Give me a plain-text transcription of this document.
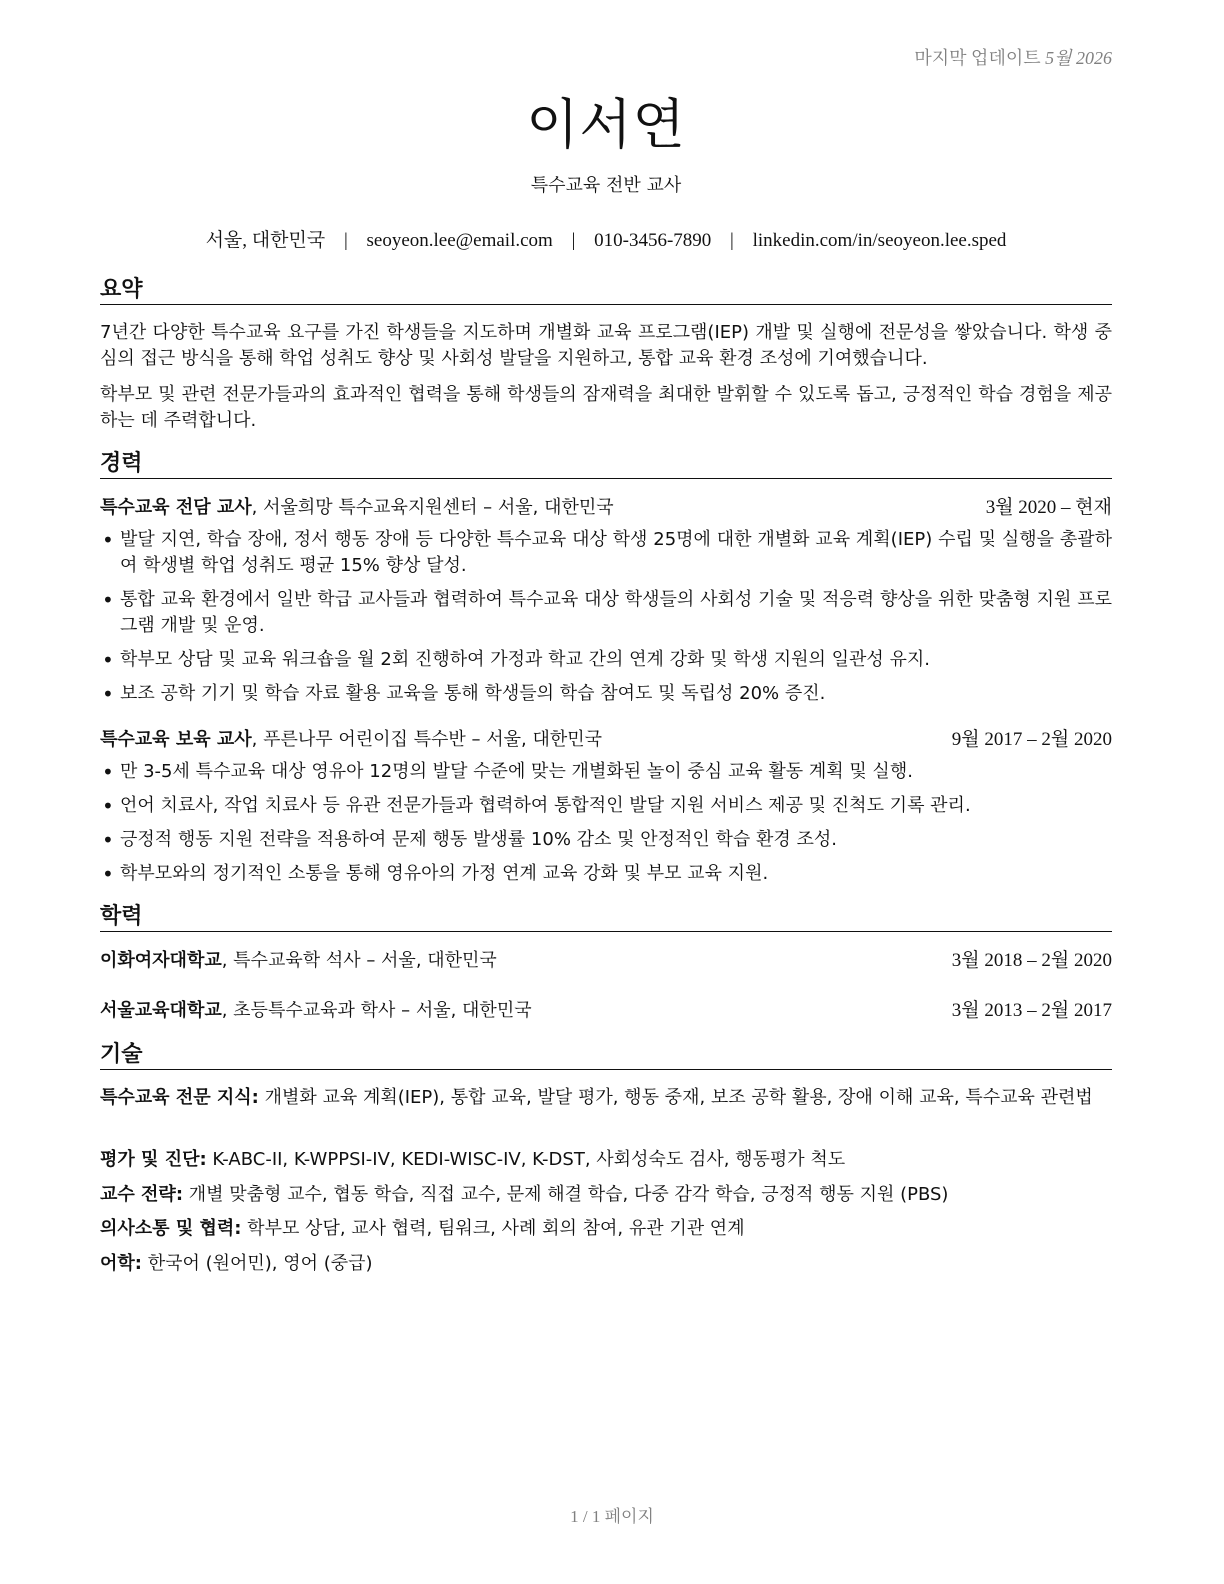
마지막 업데이트 5월 2026
이서연
특수교육 전반 교사
서울, 대한민국 | seoyeon.lee@email.com | 010-3456-7890 | linkedin.com/in/seoyeon.lee.sped
요약
7년간 다양한 특수교육 요구를 가진 학생들을 지도하며 개별화 교육 프로그램(IEP) 개발 및 실행에 전문성을 쌓았습니다. 학생 중심의 접근 방식을 통해 학업 성취도 향상 및 사회성 발달을 지원하고, 통합 교육 환경 조성에 기여했습니다.
학부모 및 관련 전문가들과의 효과적인 협력을 통해 학생들의 잠재력을 최대한 발휘할 수 있도록 돕고, 긍정적인 학습 경험을 제공하는 데 주력합니다.
경력
특수교육 전담 교사, 서울희망 특수교육지원센터 – 서울, 대한민국	3월 2020 – 현재
• 발달 지연, 학습 장애, 정서 행동 장애 등 다양한 특수교육 대상 학생 25명에 대한 개별화 교육 계획(IEP) 수립 및 실행을 총괄하여 학생별 학업 성취도 평균 15% 향상 달성.
• 통합 교육 환경에서 일반 학급 교사들과 협력하여 특수교육 대상 학생들의 사회성 기술 및 적응력 향상을 위한 맞춤형 지원 프로그램 개발 및 운영.
• 학부모 상담 및 교육 워크숍을 월 2회 진행하여 가정과 학교 간의 연계 강화 및 학생 지원의 일관성 유지.
• 보조 공학 기기 및 학습 자료 활용 교육을 통해 학생들의 학습 참여도 및 독립성 20% 증진.
특수교육 보육 교사, 푸른나무 어린이집 특수반 – 서울, 대한민국	9월 2017 – 2월 2020
• 만 3-5세 특수교육 대상 영유아 12명의 발달 수준에 맞는 개별화된 놀이 중심 교육 활동 계획 및 실행.
• 언어 치료사, 작업 치료사 등 유관 전문가들과 협력하여 통합적인 발달 지원 서비스 제공 및 진척도 기록 관리.
• 긍정적 행동 지원 전략을 적용하여 문제 행동 발생률 10% 감소 및 안정적인 학습 환경 조성.
• 학부모와의 정기적인 소통을 통해 영유아의 가정 연계 교육 강화 및 부모 교육 지원.
학력
이화여자대학교, 특수교육학 석사 – 서울, 대한민국	3월 2018 – 2월 2020
서울교육대학교, 초등특수교육과 학사 – 서울, 대한민국	3월 2013 – 2월 2017
기술
특수교육 전문 지식: 개별화 교육 계획(IEP), 통합 교육, 발달 평가, 행동 중재, 보조 공학 활용, 장애 이해 교육, 특수교육 관련법
평가 및 진단: K-ABC-II, K-WPPSI-IV, KEDI-WISC-IV, K-DST, 사회성숙도 검사, 행동평가 척도
교수 전략: 개별 맞춤형 교수, 협동 학습, 직접 교수, 문제 해결 학습, 다중 감각 학습, 긍정적 행동 지원 (PBS)
의사소통 및 협력: 학부모 상담, 교사 협력, 팀워크, 사례 회의 참여, 유관 기관 연계
어학: 한국어 (원어민), 영어 (중급)
1 / 1 페이지
